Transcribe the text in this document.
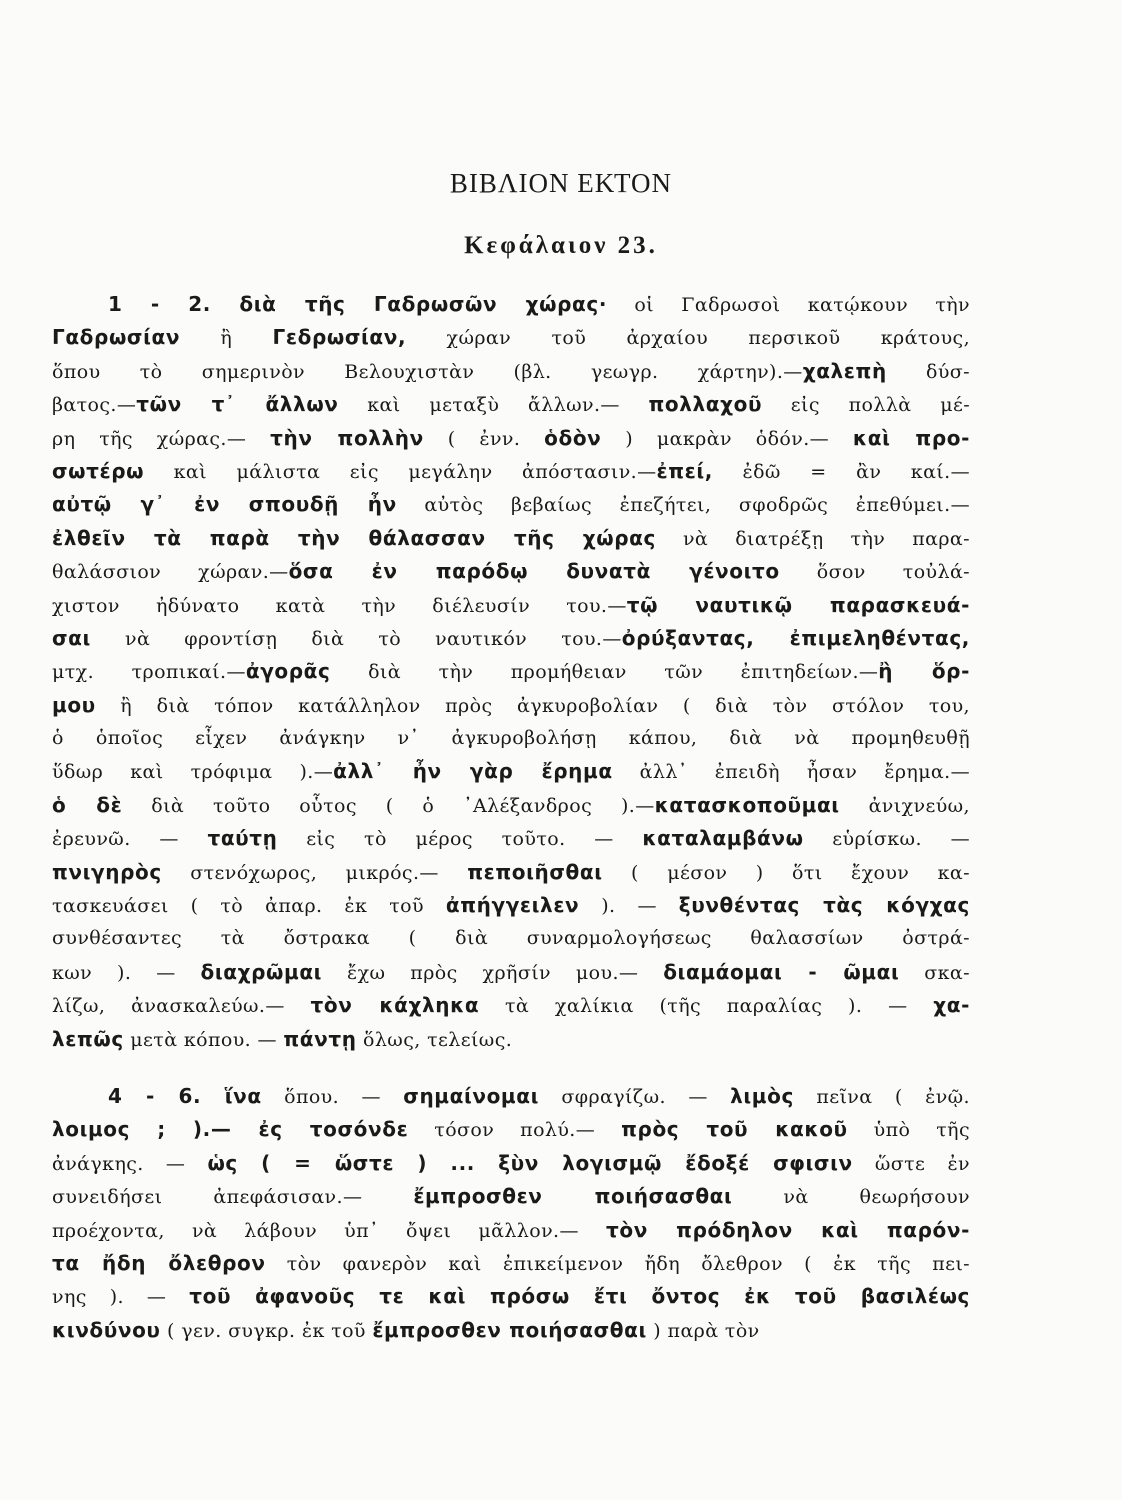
ΒΙΒΛΙΟΝ ΕΚΤΟΝ
Κεφάλαιον 23.
1 - 2. διὰ τῆς Γαδρωσῶν χώρας· οἱ Γαδρωσοὶ κατῴκουν τὴν
Γαδρωσίαν ἢ Γεδρωσίαν, χώραν τοῦ ἀρχαίου περσικοῦ κράτους,
ὅπου τὸ σημερινὸν Βελουχιστὰν (βλ. γεωγρ. χάρτην).—χαλεπὴ δύσ-
βατος.—τῶν τ᾽ ἄλλων καὶ μεταξὺ ἄλλων.— πολλαχοῦ εἰς πολλὰ μέ-
ρη τῆς χώρας.— τὴν πολλὴν ( ἐνν. ὁδὸν ) μακρὰν ὁδόν.— καὶ προ-
σωτέρω καὶ μάλιστα εἰς μεγάλην ἀπόστασιν.—ἐπεί, ἐδῶ = ἂν καί.—
αὐτῷ γ᾽ ἐν σπουδῇ ἦν αὐτὸς βεβαίως ἐπεζήτει, σφοδρῶς ἐπεθύμει.—
ἐλθεῖν τὰ παρὰ τὴν θάλασσαν τῆς χώρας νὰ διατρέξῃ τὴν παρα-
θαλάσσιον χώραν.—ὅσα ἐν παρόδῳ δυνατὰ γένοιτο ὅσον τοὐλά-
χιστον ἠδύνατο κατὰ τὴν διέλευσίν του.—τῷ ναυτικῷ παρασκευά-
σαι νὰ φροντίσῃ διὰ τὸ ναυτικόν του.—ὀρύξαντας, ἐπιμεληθέντας,
μτχ. τροπικαί.—ἀγορᾶς διὰ τὴν προμήθειαν τῶν ἐπιτηδείων.—ἢ ὅρ-
μου ἢ διὰ τόπον κατάλληλον πρὸς ἀγκυροβολίαν ( διὰ τὸν στόλον του,
ὁ ὁποῖος εἶχεν ἀνάγκην ν᾽ ἀγκυροβολήσῃ κάπου, διὰ νὰ προμηθευθῇ
ὕδωρ καὶ τρόφιμα ).—ἀλλ᾽ ἦν γὰρ ἔρημα ἀλλ᾽ ἐπειδὴ ἦσαν ἔρημα.—
ὁ δὲ διὰ τοῦτο οὗτος ( ὁ ᾽Αλέξανδρος ).—κατασκοποῦμαι ἀνιχνεύω,
ἐρευνῶ. — ταύτῃ εἰς τὸ μέρος τοῦτο. — καταλαμβάνω εὑρίσκω. —
πνιγηρὸς στενόχωρος, μικρός.— πεποιῆσθαι ( μέσον ) ὅτι ἔχουν κα-
τασκευάσει ( τὸ ἀπαρ. ἐκ τοῦ ἀπήγγειλεν ). — ξυνθέντας τὰς κόγχας
συνθέσαντες τὰ ὄστρακα ( διὰ συναρμολογήσεως θαλασσίων ὀστρά-
κων ). — διαχρῶμαι ἔχω πρὸς χρῆσίν μου.— διαμάομαι - ῶμαι σκα-
λίζω, ἀνασκαλεύω.— τὸν κάχληκα τὰ χαλίκια (τῆς παραλίας ). — χα-
λεπῶς μετὰ κόπου. — πάντῃ ὅλως, τελείως.
4 - 6. ἵνα ὅπου. — σημαίνομαι σφραγίζω. — λιμὸς πεῖνα ( ἐνῷ.
λοιμος ; ).— ἐς τοσόνδε τόσον πολύ.— πρὸς τοῦ κακοῦ ὑπὸ τῆς
ἀνάγκης. — ὡς ( = ὥστε ) ... ξὺν λογισμῷ ἔδοξέ σφισιν ὥστε ἐν
συνειδήσει ἀπεφάσισαν.— ἔμπροσθεν ποιήσασθαι νὰ θεωρήσουν
προέχοντα, νὰ λάβουν ὑπ᾽ ὄψει μᾶλλον.— τὸν πρόδηλον καὶ παρόν-
τα ἤδη ὄλεθρον τὸν φανερὸν καὶ ἐπικείμενον ἤδη ὄλεθρον ( ἐκ τῆς πει-
νης ). — τοῦ ἀφανοῦς τε καὶ πρόσω ἔτι ὄντος ἐκ τοῦ βασιλέως
κινδύνου ( γεν. συγκρ. ἐκ τοῦ ἔμπροσθεν ποιήσασθαι ) παρὰ τὸν
